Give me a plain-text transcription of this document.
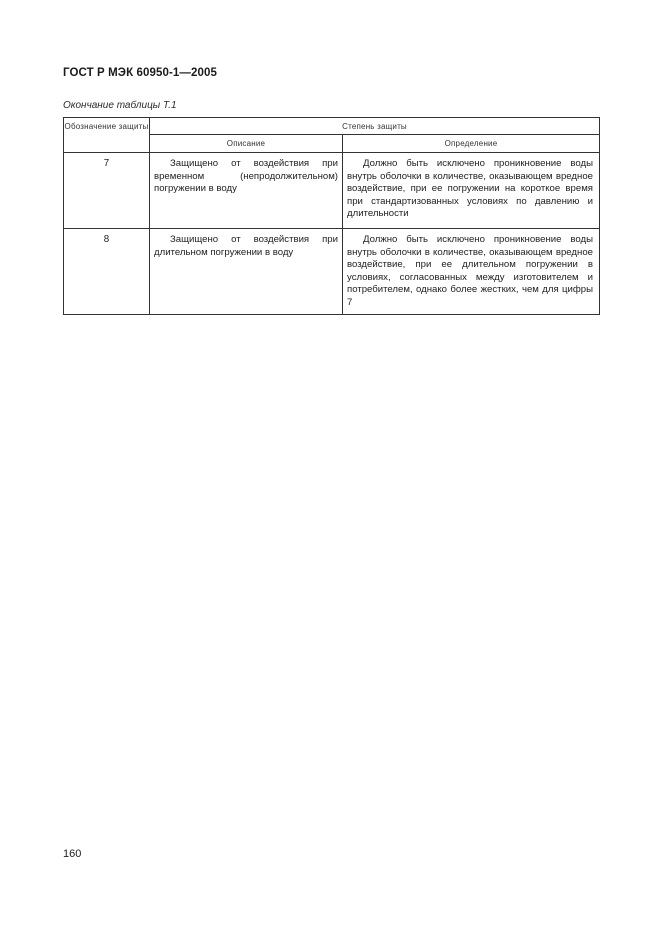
ГОСТ Р МЭК 60950-1—2005
Окончание таблицы Т.1
Обозначение защиты	Степень защиты	
	Описание	Определение
7	Защищено от воздействия при временном (непродолжительном) погружении в воду	Должно быть исключено проникновение воды внутрь оболочки в количестве, оказывающем вредное воздействие, при ее погружении на короткое время при стандартизованных условиях по давлению и длительности
8	Защищено от воздействия при длительном погружении в воду	Должно быть исключено проникновение воды внутрь оболочки в количестве, оказывающем вредное воздействие, при ее длительном погружении в условиях, согласованных между изготовителем и потребителем, однако более жестких, чем для цифры 7
160
